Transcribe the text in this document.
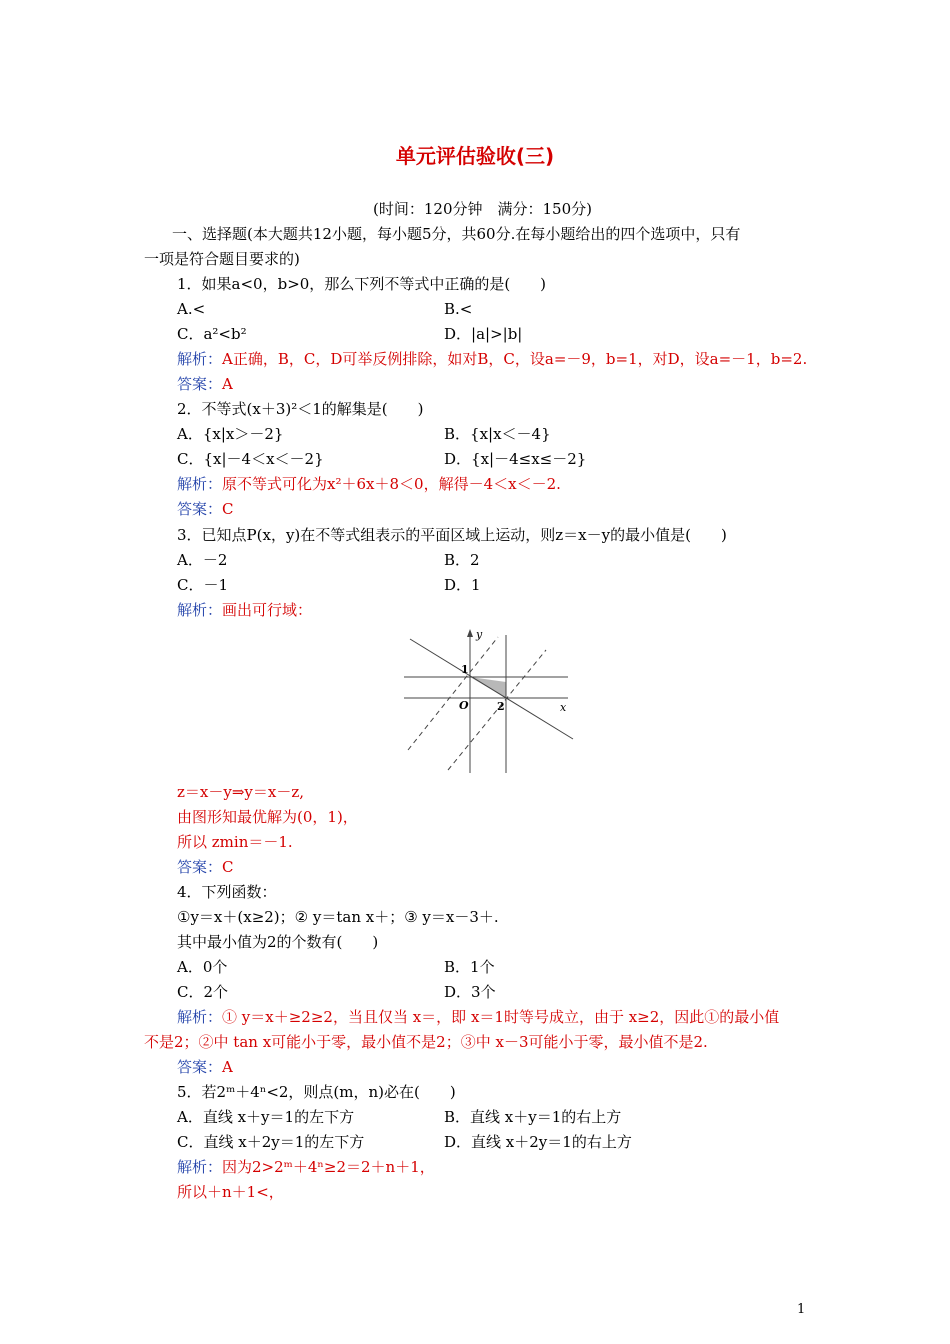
单元评估验收(三)
(时间：120分钟　满分：150分)
一、选择题(本大题共12小题，每小题5分，共60分.在每小题给出的四个选项中，只有
一项是符合题目要求的)
1．如果a<0，b>0，那么下列不等式中正确的是(　　)
A.<	B.<
C．a²<b²	D．|a|>|b|
解析：A正确，B，C，D可举反例排除，如对B，C，设a=－9，b=1，对D，设a=－1，b=2.
答案：A
2．不等式(x＋3)²＜1的解集是(　　)
A．{x|x＞－2}	B．{x|x＜－4}
C．{x|－4＜x＜－2}	D．{x|－4≤x≤－2}
解析：原不等式可化为x²＋6x＋8＜0，解得－4＜x＜－2.
答案：C
3．已知点P(x，y)在不等式组表示的平面区域上运动，则z＝x－y的最小值是(　　)
A．－2	B．2
C．－1	D．1
解析：画出可行域：
y
x
O
1
2
z＝x－y⇒y＝x－z,
由图形知最优解为(0，1)，
所以 zmin＝－1.
答案：C
4．下列函数：
①y＝x＋(x≥2)；② y＝tan x＋；③ y＝x－3＋.
其中最小值为2的个数有(　　)
A．0个	B．1个
C．2个	D．3个
解析：① y＝x＋≥2≥2，当且仅当 x＝，即 x＝1时等号成立，由于 x≥2，因此①的最小值
不是2；②中 tan x可能小于零，最小值不是2；③中 x－3可能小于零，最小值不是2.
答案：A
5．若2ᵐ＋4ⁿ<2，则点(m，n)必在(　　)
A．直线 x＋y＝1的左下方	B．直线 x＋y＝1的右上方
C．直线 x＋2y＝1的左下方	D．直线 x＋2y＝1的右上方
解析：因为2>2ᵐ＋4ⁿ≥2＝2＋n＋1，
所以＋n＋1<，
1
